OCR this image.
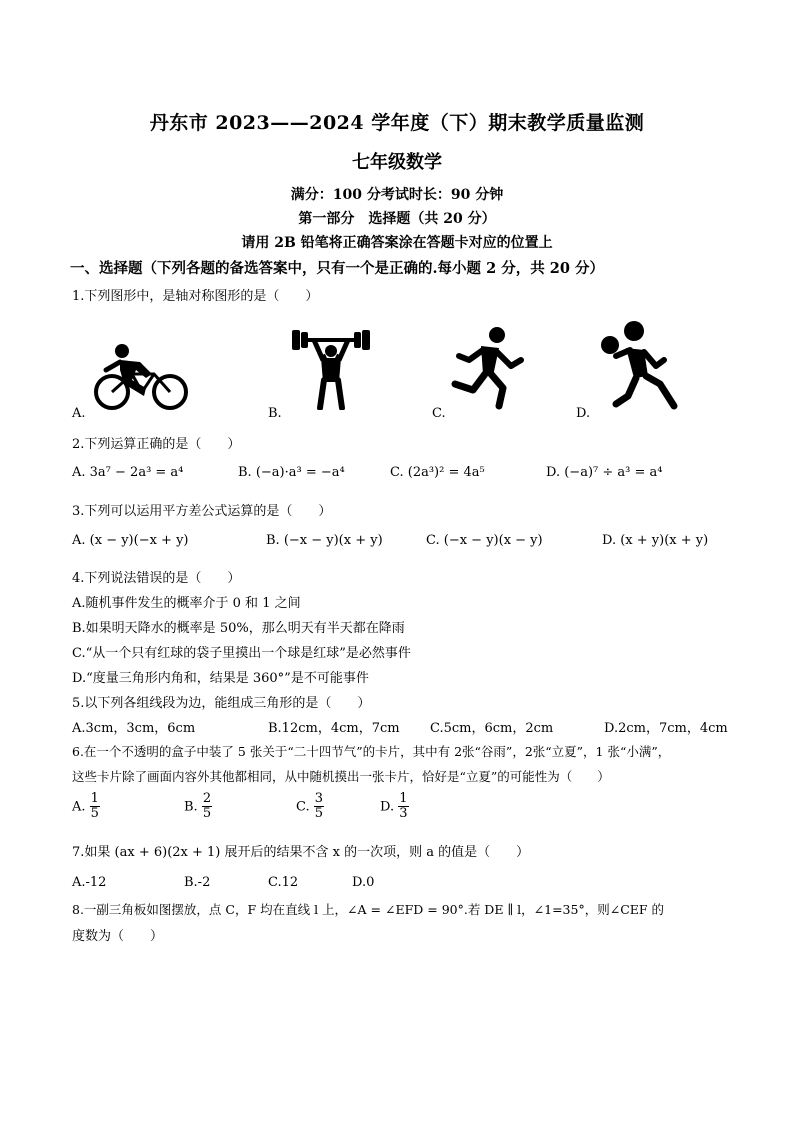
丹东市 2023——2024 学年度（下）期末教学质量监测
七年级数学
满分：100 分考试时长：90 分钟
第一部分　选择题（共 20 分）
请用 2B 铅笔将正确答案涂在答题卡对应的位置上
一、选择题（下列各题的备选答案中，只有一个是正确的.每小题 2 分，共 20 分）
1.下列图形中，是轴对称图形的是（　　）
A.	B.	C.	D.
2.下列运算正确的是（　　）
A. 3a⁷ − 2a³ = a⁴	B. (−a)·a³ = −a⁴	C. (2a³)² = 4a⁵	D. (−a)⁷ ÷ a³ = a⁴
3.下列可以运用平方差公式运算的是（　　）
A. (x − y)(−x + y)	B. (−x − y)(x + y)	C. (−x − y)(x − y)	D. (x + y)(x + y)
4.下列说法错误的是（　　）
A.随机事件发生的概率介于 0 和 1 之间
B.如果明天降水的概率是 50%，那么明天有半天都在降雨
C.“从一个只有红球的袋子里摸出一个球是红球”是必然事件
D.“度量三角形内角和，结果是 360°”是不可能事件
5.以下列各组线段为边，能组成三角形的是（　　）
A.3cm，3cm，6cm	B.12cm，4cm，7cm C.5cm，6cm，2cm	D.2cm，7cm，4cm
6.在一个不透明的盒子中装了 5 张关于“二十四节气”的卡片，其中有 2张“谷雨”，2张“立夏”，1 张“小满”，
这些卡片除了画面内容外其他都相同，从中随机摸出一张卡片，恰好是“立夏”的可能性为（　　）
A. $\frac{1}{5}$	B. $\frac{2}{5}$	C. $\frac{3}{5}$	D. $\frac{1}{3}$
7.如果 (ax + 6)(2x + 1) 展开后的结果不含 x 的一次项，则 a 的值是（　　）
A.-12	B.-2	C.12	D.0
8.一副三角板如图摆放，点 C，F 均在直线 l 上，∠A = ∠EFD = 90°.若 DE ∥ l，∠1=35°，则∠CEF 的
度数为（　　）
